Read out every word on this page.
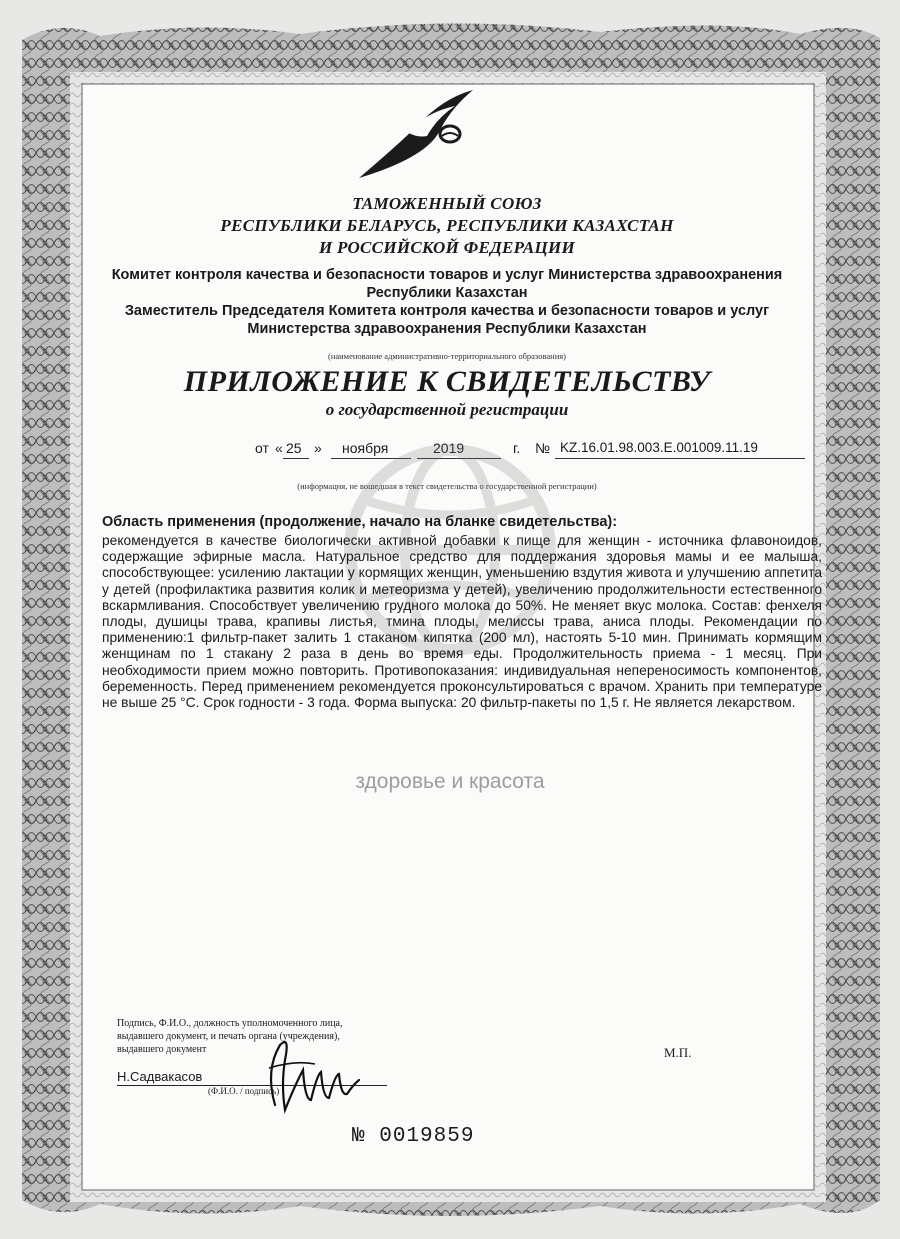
ТАМОЖЕННЫЙ СОЮЗ
РЕСПУБЛИКИ БЕЛАРУСЬ, РЕСПУБЛИКИ КАЗАХСТАН
И РОССИЙСКОЙ ФЕДЕРАЦИИ
Комитет контроля качества и безопасности товаров и услуг Министерства здравоохранения
Республики Казахстан
Заместитель Председателя Комитета контроля качества и безопасности товаров и услуг
Министерства здравоохранения Республики Казахстан
(наименование административно-территориального образования)
ПРИЛОЖЕНИЕ К СВИДЕТЕЛЬСТВУ
о государственной регистрации
от « 25 » ноября	2019	г. № KZ.16.01.98.003.E.001009.11.19
(информация, не вошедшая в текст свидетельства о государственной регистрации)
Область применения (продолжение, начало на бланке свидетельства):
рекомендуется в качестве биологически активной добавки к пище для женщин - источника флавоноидов, содержащие эфирные масла. Натуральное средство для поддержания здоровья мамы и ее малыша, способствующее: усилению лактации у кормящих женщин, уменьшению вздутия живота и улучшению аппетита у детей (профилактика развития колик и метеоризма у детей), увеличению продолжительности естественного вскармливания. Способствует увеличению грудного молока до 50%. Не меняет вкус молока. Состав: фенхеля плоды, душицы трава, крапивы листья, тмина плоды, мелиссы трава, аниса плоды. Рекомендации по применению:1 фильтр-пакет залить 1 стаканом кипятка (200 мл), настоять 5-10 мин. Принимать кормящим женщинам по 1 стакану 2 раза в день во время еды. Продолжительность приема - 1 месяц. При необходимости прием можно повторить. Противопоказания: индивидуальная непереносимость компонентов, беременность. Перед применением рекомендуется проконсультироваться с врачом. Хранить при температуре не выше 25 °С. Срок годности - 3 года. Форма выпуска: 20 фильтр-пакеты по 1,5 г. Не является лекарством.
здоровье и красота
Подпись, Ф.И.О., должность уполномоченного лица,
выдавшего документ, и печать органа (учреждения),
выдавшего документ	М.П.
Н.Садвакасов
(Ф.И.О. / подпись)
№ 0019859
